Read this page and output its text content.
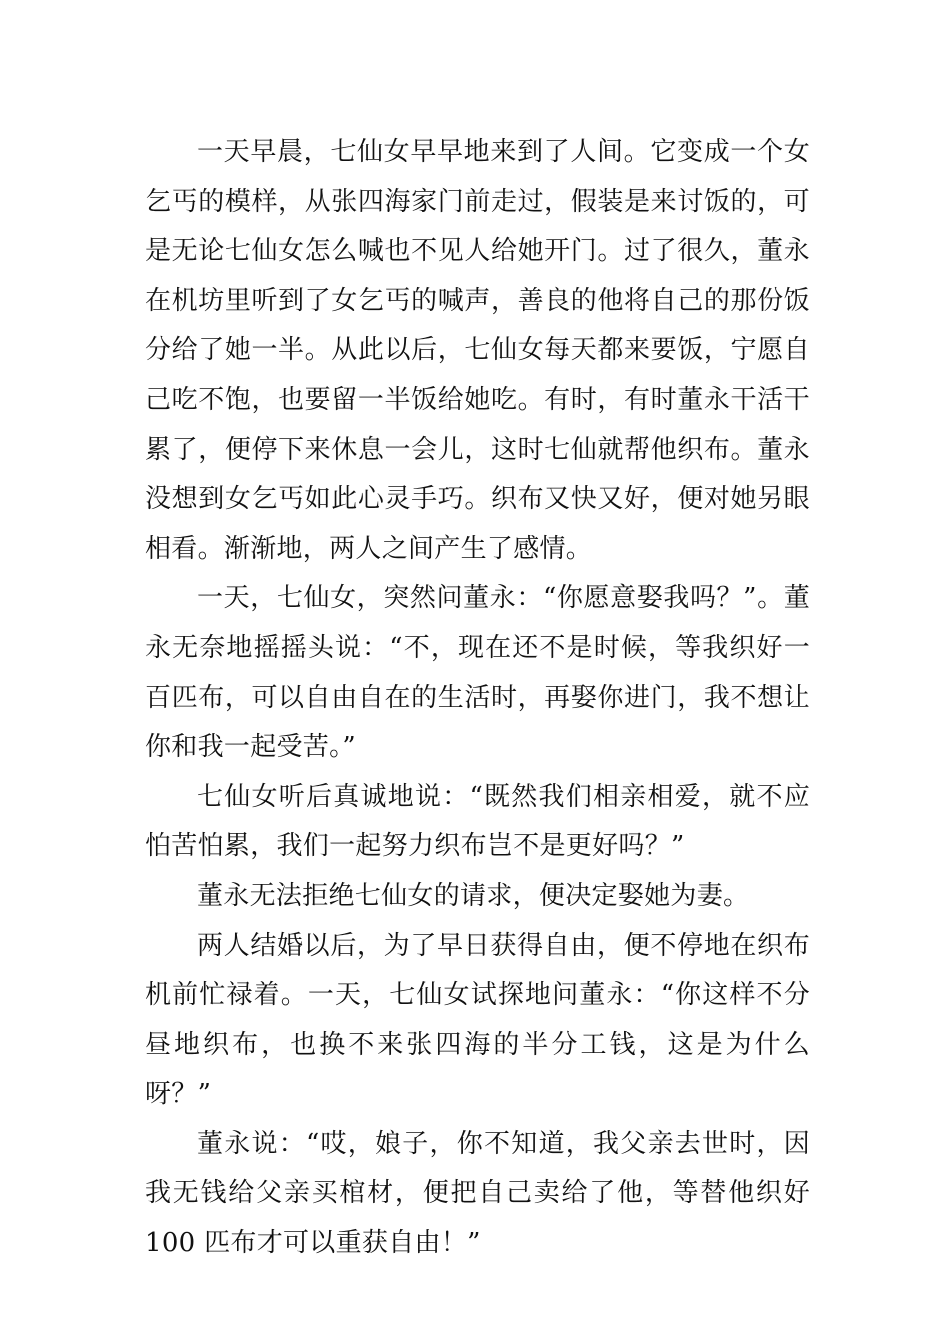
一天早晨，七仙女早早地来到了人间。它变成一个女乞丐的模样，从张四海家门前走过，假装是来讨饭的，可是无论七仙女怎么喊也不见人给她开门。过了很久，董永在机坊里听到了女乞丐的喊声，善良的他将自己的那份饭分给了她一半。从此以后，七仙女每天都来要饭，宁愿自己吃不饱，也要留一半饭给她吃。有时，有时董永干活干累了，便停下来休息一会儿，这时七仙就帮他织布。董永没想到女乞丐如此心灵手巧。织布又快又好，便对她另眼相看。渐渐地，两人之间产生了感情。

一天，七仙女，突然问董永：“你愿意娶我吗？”。董永无奈地摇摇头说：“不，现在还不是时候，等我织好一百匹布，可以自由自在的生活时，再娶你进门，我不想让你和我一起受苦。”

七仙女听后真诚地说：“既然我们相亲相爱，就不应怕苦怕累，我们一起努力织布岂不是更好吗？”

董永无法拒绝七仙女的请求，便决定娶她为妻。

两人结婚以后，为了早日获得自由，便不停地在织布机前忙禄着。一天，七仙女试探地问董永：“你这样不分昼地织布，也换不来张四海的半分工钱，这是为什么呀？”

董永说：“哎，娘子，你不知道，我父亲去世时，因我无钱给父亲买棺材，便把自己卖给了他，等替他织好 100 匹布才可以重获自由！”
